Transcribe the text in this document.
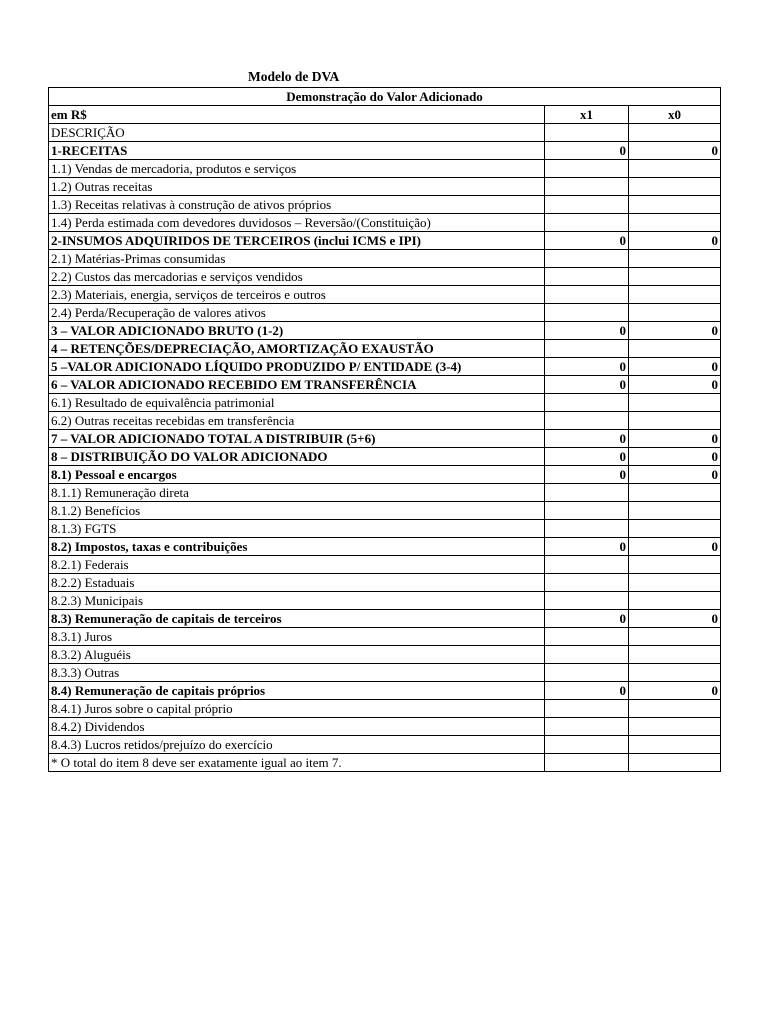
Modelo de DVA
Demonstração do Valor Adicionado		
em R$	x1	x0
DESCRIÇÃO		
1-RECEITAS	0	0
1.1) Vendas de mercadoria, produtos e serviços		
1.2) Outras receitas		
1.3) Receitas relativas à construção de ativos próprios		
1.4) Perda estimada com devedores duvidosos – Reversão/(Constituição)		
2-INSUMOS ADQUIRIDOS DE TERCEIROS (inclui ICMS e IPI)	0	0
2.1) Matérias-Primas consumidas		
2.2) Custos das mercadorias e serviços vendidos		
2.3) Materiais, energia, serviços de terceiros e outros		
2.4) Perda/Recuperação de valores ativos		
3 – VALOR ADICIONADO BRUTO (1-2)	0	0
4 – RETENÇÕES/DEPRECIAÇÃO, AMORTIZAÇÃO EXAUSTÃO		
5 –VALOR ADICIONADO LÍQUIDO PRODUZIDO P/ ENTIDADE (3-4)	0	0
6 – VALOR ADICIONADO RECEBIDO EM TRANSFERÊNCIA	0	0
6.1) Resultado de equivalência patrimonial		
6.2) Outras receitas recebidas em transferência		
7 – VALOR ADICIONADO TOTAL A DISTRIBUIR (5+6)	0	0
8 – DISTRIBUIÇÃO DO VALOR ADICIONADO	0	0
8.1) Pessoal e encargos	0	0
8.1.1) Remuneração direta		
8.1.2) Benefícios		
8.1.3) FGTS		
8.2) Impostos, taxas e contribuições	0	0
8.2.1) Federais		
8.2.2) Estaduais		
8.2.3) Municipais		
8.3) Remuneração de capitais de terceiros	0	0
8.3.1) Juros		
8.3.2) Aluguéis		
8.3.3) Outras		
8.4) Remuneração de capitais próprios	0	0
8.4.1) Juros sobre o capital próprio		
8.4.2) Dividendos		
8.4.3) Lucros retidos/prejuízo do exercício		
* O total do item 8 deve ser exatamente igual ao item 7.		
